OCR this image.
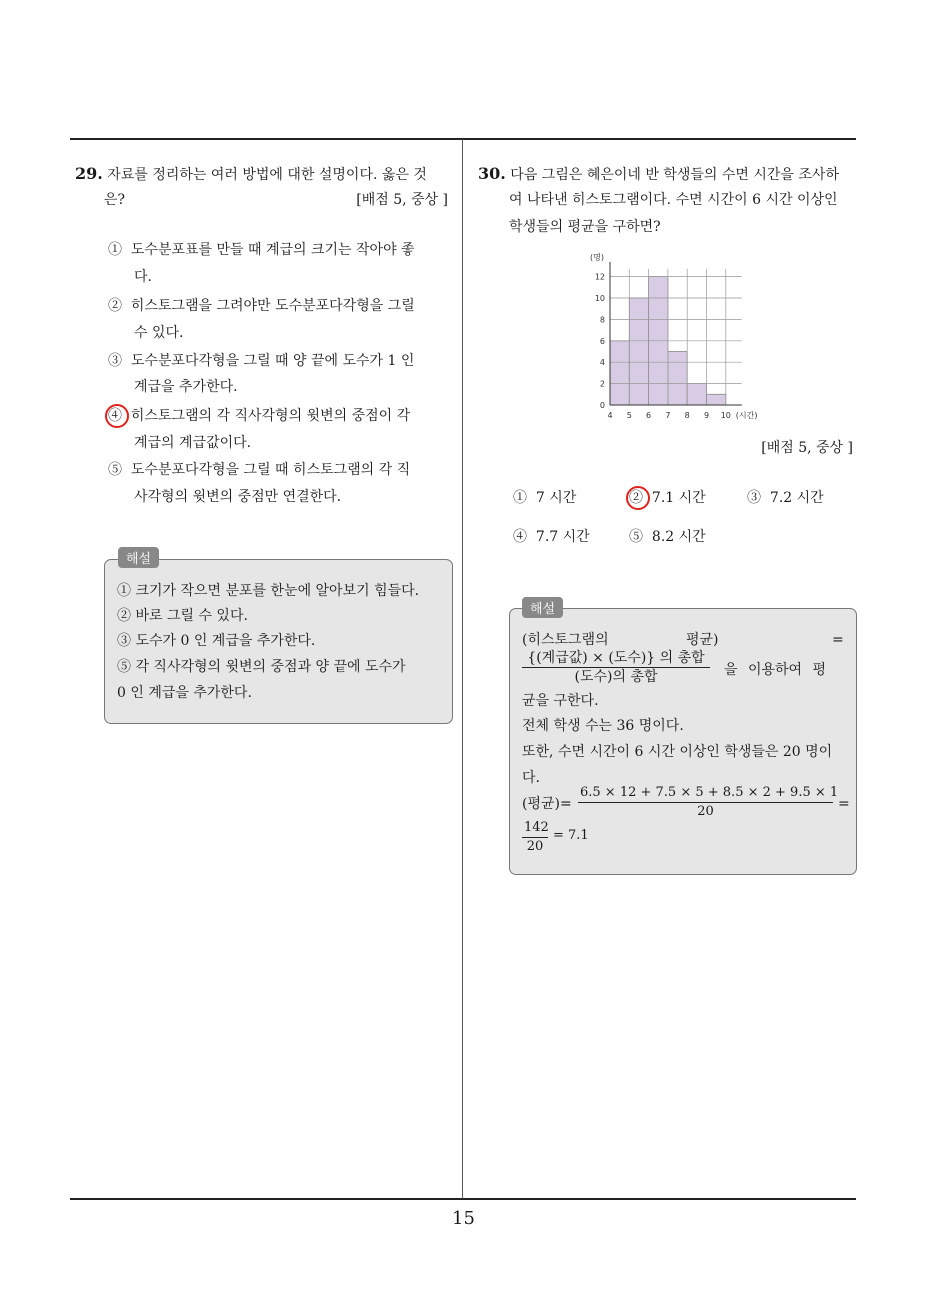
29. 자료를 정리하는 여러 방법에 대한 설명이다. 옳은 것
은?	[배점 5, 중상 ]
① 도수분포표를 만들 때 계급의 크기는 작아야 좋
다.
② 히스토그램을 그려야만 도수분포다각형을 그릴
수 있다.
③ 도수분포다각형을 그릴 때 양 끝에 도수가 1 인
계급을 추가한다.
④ 히스토그램의 각 직사각형의 윗변의 중점이 각
계급의 계급값이다.
⑤ 도수분포다각형을 그릴 때 히스토그램의 각 직
사각형의 윗변의 중점만 연결한다.
해설
① 크기가 작으면 분포를 한눈에 알아보기 힘들다.
② 바로 그릴 수 있다.
③ 도수가 0 인 계급을 추가한다.
⑤ 각 직사각형의 윗변의 중점과 양 끝에 도수가
0 인 계급을 추가한다.
30. 다음 그림은 혜은이네 반 학생들의 수면 시간을 조사하
여 나타낸 히스토그램이다. 수면 시간이 6 시간 이상인
학생들의 평균을 구하면?
0
2
4
6
8
10
12
4 5 6 7 8 9 10
(명)
(시간)
[배점 5, 중상 ]
① 7 시간	② 7.1 시간	③ 7.2 시간
④ 7.7 시간	⑤ 8.2 시간
해설
(히스토그램의	평균)	=
$\frac{\text{\{(계급값) × (도수)\} 의 총합}}{\text{(도수)의 총합}}$ 을 이용하여 평
균을 구한다.
전체 학생 수는 36 명이다.
또한, 수면 시간이 6 시간 이상인 학생들은 20 명이
다.
(평균)= $\frac{6.5 \times 12 + 7.5 \times 5 + 8.5 \times 2 + 9.5 \times 1}{20}$ =
$\frac{142}{20} = 7.1$
15
